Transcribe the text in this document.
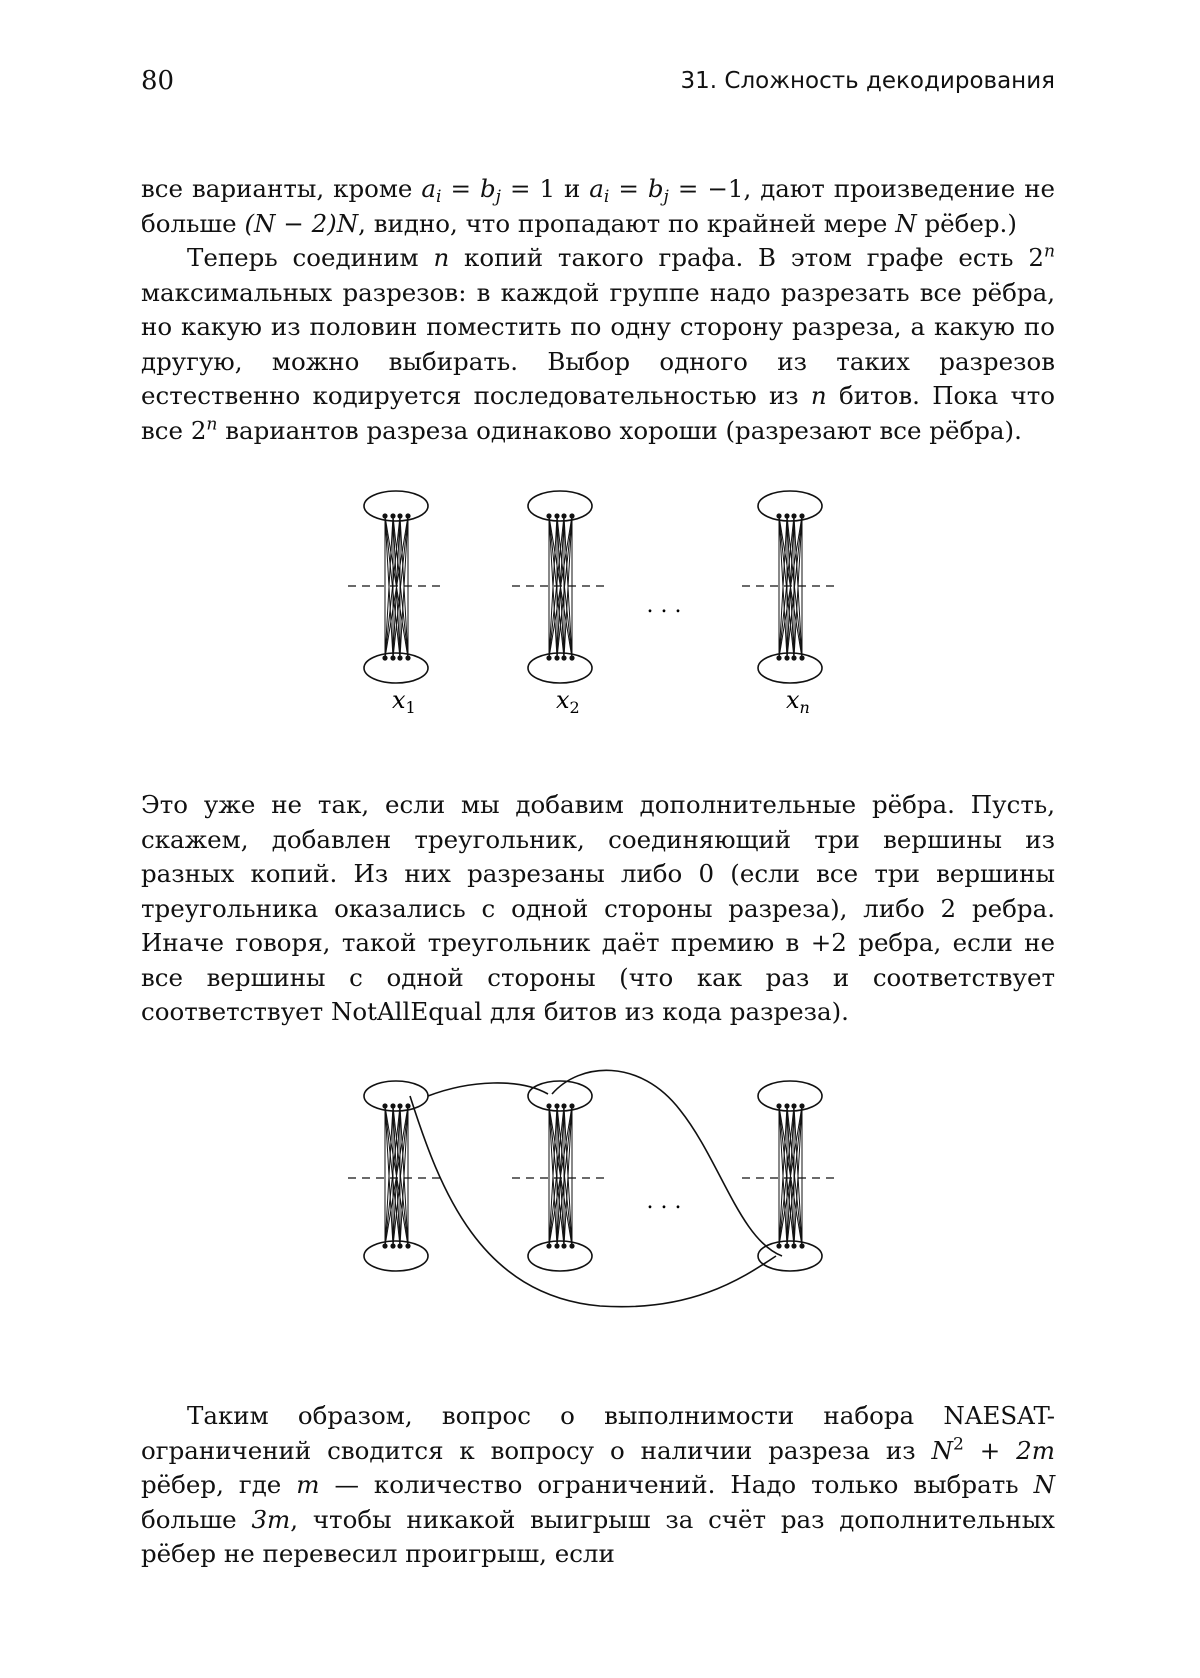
80	31. Сложность декодирования

все варианты, кроме ai = bj = 1 и ai = bj = −1, дают произведение не больше (N − 2)N, видно, что пропадают по крайней мере N рёбер.)

Теперь соединим n копий такого графа. В этом графе есть 2n максимальных разрезов: в каждой группе надо разрезать все рёбра, но какую из половин поместить по одну сторону разреза, а какую по другую, можно выбирать. Выбор одного из таких разрезов естественно кодируется последовательностью из n битов. Пока что все 2n вариантов разреза одинаково хороши (разрезают все рёбра).

. . .
x1	x2	xn

Это уже не так, если мы добавим дополнительные рёбра. Пусть, скажем, добавлен треугольник, соединяющий три вершины из разных копий. Из них разрезаны либо 0 (если все три вершины треугольника оказались с одной стороны разреза), либо 2 ребра. Иначе говоря, такой треугольник даёт премию в +2 ребра, если не все вершины с одной стороны (что как раз и соответствует соответствует NotAllEqual для битов из кода разреза).

. . .

Таким образом, вопрос о выполнимости набора NAESAT-ограничений сводится к вопросу о наличии разреза из N2 + 2m рёбер, где m — количество ограничений. Надо только выбрать N больше 3m, чтобы никакой выигрыш за счёт раз дополнительных рёбер не перевесил проигрыш, если
